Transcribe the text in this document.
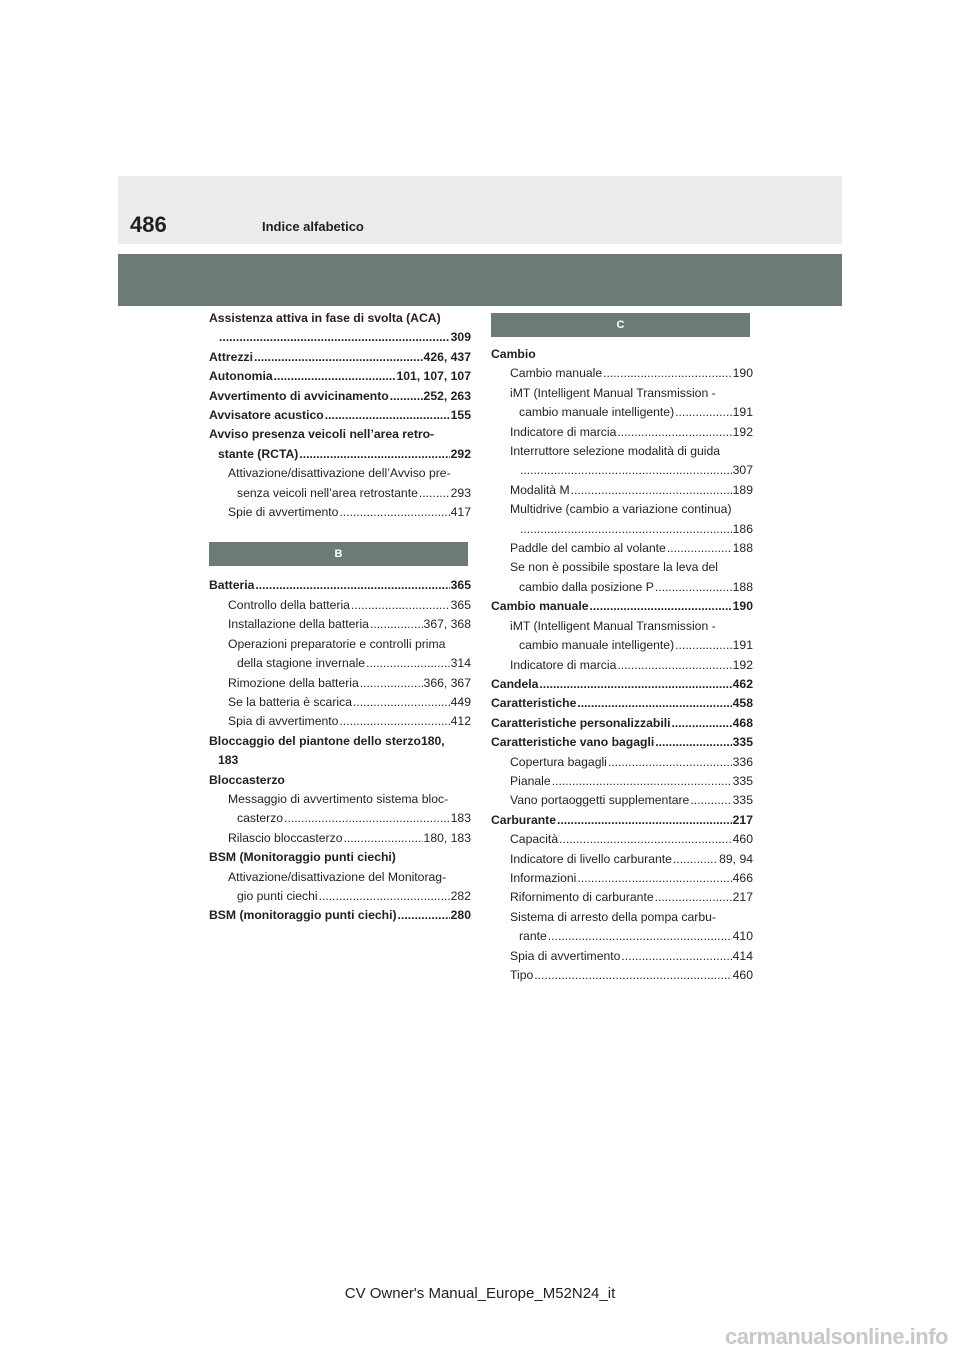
486	Indice alfabetico
Assistenza attiva in fase di svolta (ACA)
.....
309
Attrezzi .....	426, 437
Autonomia .....	101, 107, 107
Avvertimento di avvicinamento .....	252, 263
Avvisatore acustico .....	155
Avviso presenza veicoli nell’area retro-
stante (RCTA) .....	292
Attivazione/disattivazione dell’Avviso pre-
senza veicoli nell’area retrostante .....	293
Spie di avvertimento .....	417
B
Batteria .....	365
Controllo della batteria .....	365
Installazione della batteria .....	367, 368
Operazioni preparatorie e controlli prima
della stagione invernale .....	314
Rimozione della batteria .....	366, 367
Se la batteria è scarica .....	449
Spia di avvertimento .....	412
Bloccaggio del piantone dello sterzo180,
183
Bloccasterzo
Messaggio di avvertimento sistema bloc-
casterzo .....	183
Rilascio bloccasterzo .....	180, 183
BSM (Monitoraggio punti ciechi)
Attivazione/disattivazione del Monitorag-
gio punti ciechi .....	282
BSM (monitoraggio punti ciechi) .....	280
C
Cambio
Cambio manuale .....	190
iMT (Intelligent Manual Transmission -
cambio manuale intelligente) .....	191
Indicatore di marcia .....	192
Interruttore selezione modalità di guida
.....
307
Modalità M .....	189
Multidrive (cambio a variazione continua)
.....
186
Paddle del cambio al volante .....	188
Se non è possibile spostare la leva del
cambio dalla posizione P .....	188
Cambio manuale .....	190
iMT (Intelligent Manual Transmission -
cambio manuale intelligente) .....	191
Indicatore di marcia .....	192
Candela .....	462
Caratteristiche .....	458
Caratteristiche personalizzabili .....	468
Caratteristiche vano bagagli .....	335
Copertura bagagli .....	336
Pianale .....	335
Vano portaoggetti supplementare .....	335
Carburante .....	217
Capacità .....	460
Indicatore di livello carburante .....	89, 94
Informazioni .....	466
Rifornimento di carburante .....	217
Sistema di arresto della pompa carbu-
rante .....	410
Spia di avvertimento .....	414
Tipo .....	460
CV Owner's Manual_Europe_M52N24_it
carmanualsonline.info
